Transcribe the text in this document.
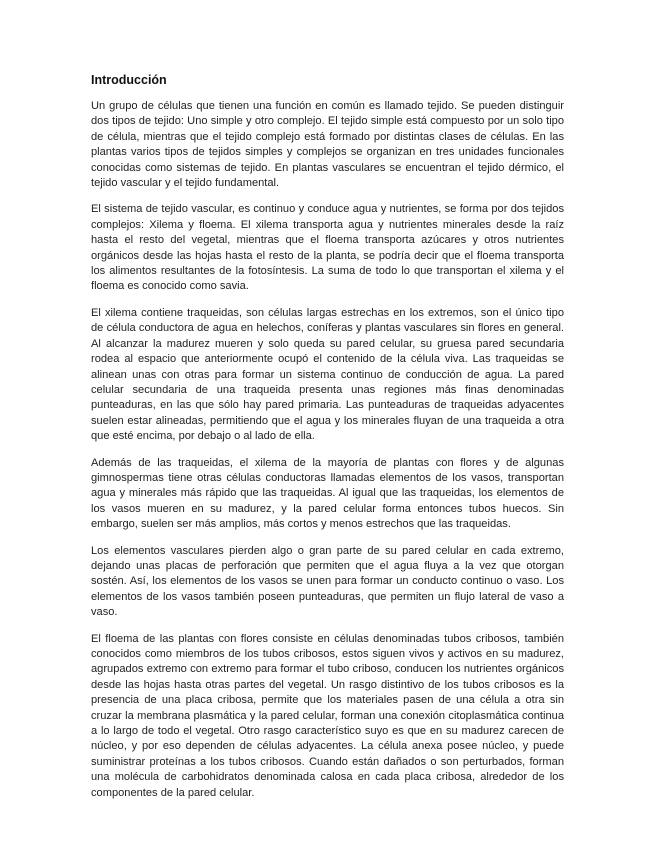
Introducción

Un grupo de células que tienen una función en común es llamado tejido. Se pueden distinguir dos tipos de tejido: Uno simple y otro complejo. El tejido simple está compuesto por un solo tipo de célula, mientras que el tejido complejo está formado por distintas clases de células. En las plantas varios tipos de tejidos simples y complejos se organizan en tres unidades funcionales conocidas como sistemas de tejido. En plantas vasculares se encuentran el tejido dérmico, el tejido vascular y el tejido fundamental.

El sistema de tejido vascular, es continuo y conduce agua y nutrientes, se forma por dos tejidos complejos: Xilema y floema. El xilema transporta agua y nutrientes minerales desde la raíz hasta el resto del vegetal, mientras que el floema transporta azúcares y otros nutrientes orgánicos desde las hojas hasta el resto de la planta, se podría decir que el floema transporta los alimentos resultantes de la fotosíntesis. La suma de todo lo que transportan el xilema y el floema es conocido como savia.

El xilema contiene traqueidas, son células largas estrechas en los extremos, son el único tipo de célula conductora de agua en helechos, coníferas y plantas vasculares sin flores en general. Al alcanzar la madurez mueren y solo queda su pared celular, su gruesa pared secundaria rodea al espacio que anteriormente ocupó el contenido de la célula viva. Las traqueidas se alinean unas con otras para formar un sistema continuo de conducción de agua. La pared celular secundaria de una traqueida presenta unas regiones más finas denominadas punteaduras, en las que sólo hay pared primaria. Las punteaduras de traqueidas adyacentes suelen estar alineadas, permitiendo que el agua y los minerales fluyan de una traqueida a otra que esté encima, por debajo o al lado de ella.

Además de las traqueidas, el xilema de la mayoría de plantas con flores y de algunas gimnospermas tiene otras células conductoras llamadas elementos de los vasos, transportan agua y minerales más rápido que las traqueidas. Al igual que las traqueidas, los elementos de los vasos mueren en su madurez, y la pared celular forma entonces tubos huecos. Sin embargo, suelen ser más amplios, más cortos y menos estrechos que las traqueidas.

Los elementos vasculares pierden algo o gran parte de su pared celular en cada extremo, dejando unas placas de perforación que permiten que el agua fluya a la vez que otorgan sostén. Así, los elementos de los vasos se unen para formar un conducto continuo o vaso. Los elementos de los vasos también poseen punteaduras, que permiten un flujo lateral de vaso a vaso.

El floema de las plantas con flores consiste en células denominadas tubos cribosos, también conocidos como miembros de los tubos cribosos, estos siguen vivos y activos en su madurez, agrupados extremo con extremo para formar el tubo criboso, conducen los nutrientes orgánicos desde las hojas hasta otras partes del vegetal. Un rasgo distintivo de los tubos cribosos es la presencia de una placa cribosa, permite que los materiales pasen de una célula a otra sin cruzar la membrana plasmática y la pared celular, forman una conexión citoplasmática continua a lo largo de todo el vegetal. Otro rasgo característico suyo es que en su madurez carecen de núcleo, y por eso dependen de células adyacentes. La célula anexa posee núcleo, y puede suministrar proteínas a los tubos cribosos. Cuando están dañados o son perturbados, forman una molécula de carbohidratos denominada calosa en cada placa cribosa, alrededor de los componentes de la pared celular.
